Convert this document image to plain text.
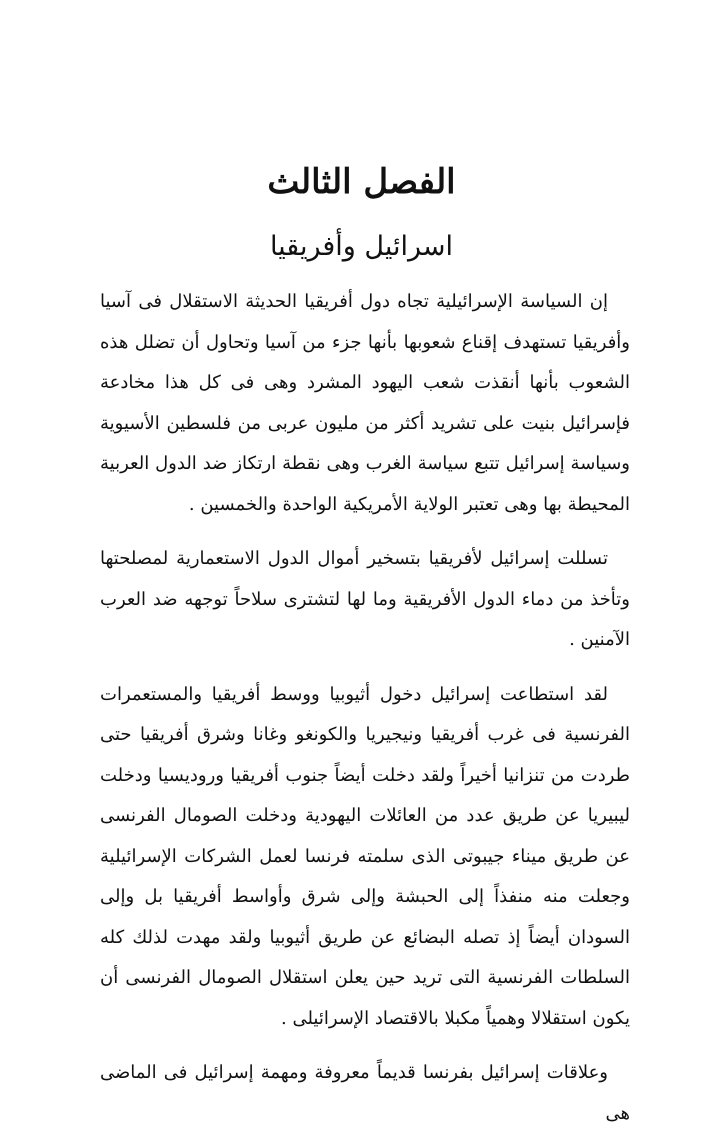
الفصل الثالث
اسرائيل وأفريقيا

إن السياسة الإسرائيلية تجاه دول أفريقيا الحديثة الاستقلال فى آسيا وأفريقيا تستهدف إقناع شعوبها بأنها جزء من آسيا وتحاول أن تضلل هذه الشعوب بأنها أنقذت شعب اليهود المشرد وهى فى كل هذا مخادعة فإسرائيل بنيت على تشريد أكثر من مليون عربى من فلسطين الأسيوية وسياسة إسرائيل تتبع سياسة الغرب وهى نقطة ارتكاز ضد الدول العربية المحيطة بها وهى تعتبر الولاية الأمريكية الواحدة والخمسين .

تسللت إسرائيل لأفريقيا بتسخير أموال الدول الاستعمارية لمصلحتها وتأخذ من دماء الدول الأفريقية وما لها لتشترى سلاحاً توجهه ضد العرب الآمنين .

لقد استطاعت إسرائيل دخول أثيوبيا ووسط أفريقيا والمستعمرات الفرنسية فى غرب أفريقيا ونيجيريا والكونغو وغانا وشرق أفريقيا حتى طردت من تنزانيا أخيراً ولقد دخلت أيضاً جنوب أفريقيا وروديسيا ودخلت ليبيريا عن طريق عدد من العائلات اليهودية ودخلت الصومال الفرنسى عن طريق ميناء جيبوتى الذى سلمته فرنسا لعمل الشركات الإسرائيلية وجعلت منه منفذاً إلى الحبشة وإلى شرق وأواسط أفريقيا بل وإلى السودان أيضاً إذ تصله البضائع عن طريق أثيوبيا ولقد مهدت لذلك كله السلطات الفرنسية التى تريد حين يعلن استقلال الصومال الفرنسى أن يكون استقلالا وهمياً مكبلا بالاقتصاد الإسرائيلى .

وعلاقات إسرائيل بفرنسا قديماً معروفة ومهمة إسرائيل فى الماضى هى
